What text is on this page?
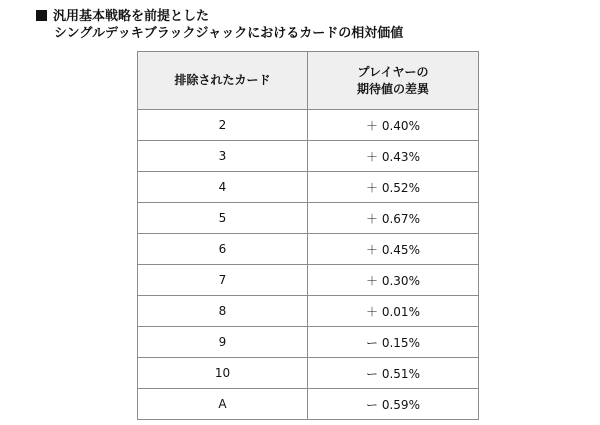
汎用基本戦略を前提とした
シングルデッキブラックジャックにおけるカードの相対価値
排除されたカード	プレイヤーの
期待値の差異
2	＋ 0.40%
3	＋ 0.43%
4	＋ 0.52%
5	＋ 0.67%
6	＋ 0.45%
7	＋ 0.30%
8	＋ 0.01%
9	ー 0.15%
10	ー 0.51%
A	ー 0.59%
